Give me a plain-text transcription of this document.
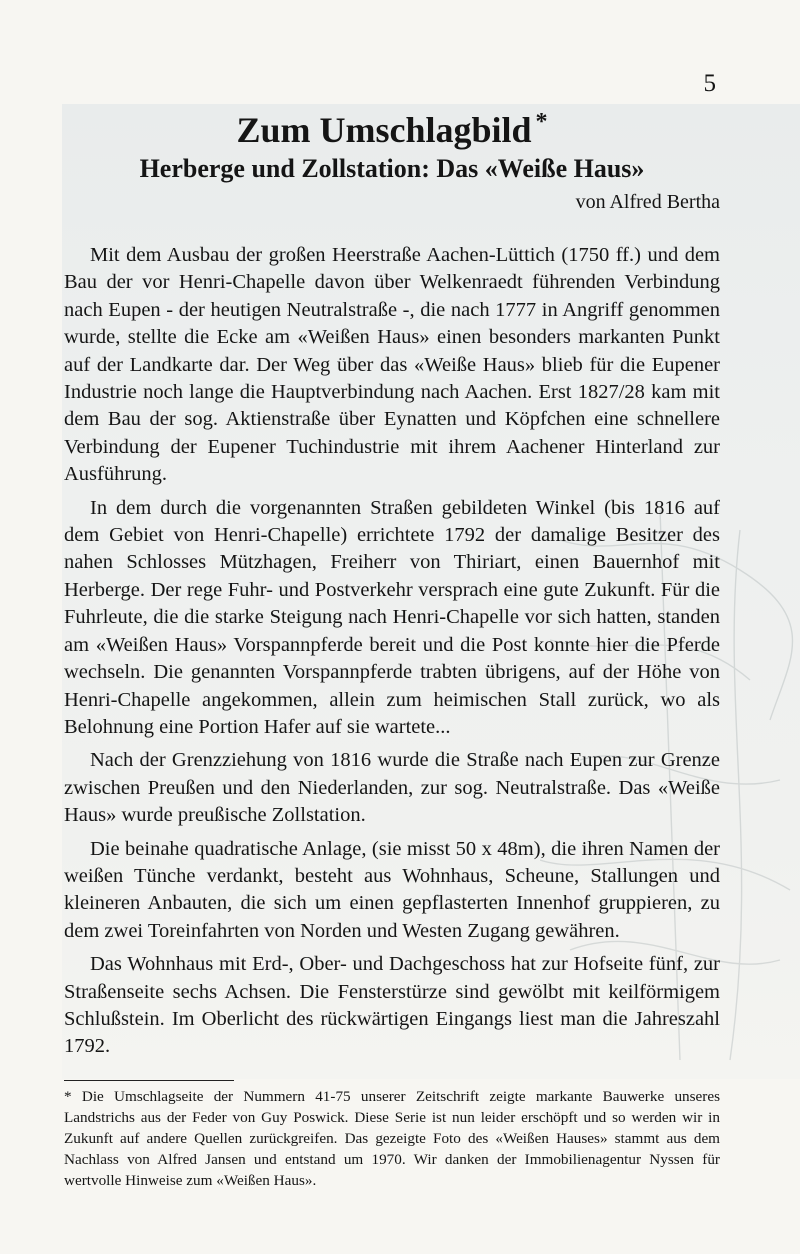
5
Zum Umschlagbild *
Herberge und Zollstation: Das «Weiße Haus»
von Alfred Bertha

Mit dem Ausbau der großen Heerstraße Aachen-Lüttich (1750 ff.) und dem Bau der vor Henri-Chapelle davon über Welkenraedt führenden Verbindung nach Eupen - der heutigen Neutralstraße -, die nach 1777 in Angriff genommen wurde, stellte die Ecke am «Weißen Haus» einen besonders markanten Punkt auf der Landkarte dar. Der Weg über das «Weiße Haus» blieb für die Eupener Industrie noch lange die Hauptverbindung nach Aachen. Erst 1827/28 kam mit dem Bau der sog. Aktienstraße über Eynatten und Köpfchen eine schnellere Verbindung der Eupener Tuchindustrie mit ihrem Aachener Hinterland zur Ausführung.

In dem durch die vorgenannten Straßen gebildeten Winkel (bis 1816 auf dem Gebiet von Henri-Chapelle) errichtete 1792 der damalige Besitzer des nahen Schlosses Mützhagen, Freiherr von Thiriart, einen Bauernhof mit Herberge. Der rege Fuhr- und Postverkehr versprach eine gute Zukunft. Für die Fuhrleute, die die starke Steigung nach Henri-Chapelle vor sich hatten, standen am «Weißen Haus» Vorspannpferde bereit und die Post konnte hier die Pferde wechseln. Die genannten Vorspannpferde trabten übrigens, auf der Höhe von Henri-Chapelle angekommen, allein zum heimischen Stall zurück, wo als Belohnung eine Portion Hafer auf sie wartete...

Nach der Grenzziehung von 1816 wurde die Straße nach Eupen zur Grenze zwischen Preußen und den Niederlanden, zur sog. Neutralstraße. Das «Weiße Haus» wurde preußische Zollstation.

Die beinahe quadratische Anlage, (sie misst 50 x 48m), die ihren Namen der weißen Tünche verdankt, besteht aus Wohnhaus, Scheune, Stallungen und kleineren Anbauten, die sich um einen gepflasterten Innenhof gruppieren, zu dem zwei Toreinfahrten von Norden und Westen Zugang gewähren.

Das Wohnhaus mit Erd-, Ober- und Dachgeschoss hat zur Hofseite fünf, zur Straßenseite sechs Achsen. Die Fensterstürze sind gewölbt mit keilförmigem Schlußstein. Im Oberlicht des rückwärtigen Eingangs liest man die Jahreszahl 1792.

* Die Umschlagseite der Nummern 41-75 unserer Zeitschrift zeigte markante Bauwerke unseres Landstrichs aus der Feder von Guy Poswick. Diese Serie ist nun leider erschöpft und so werden wir in Zukunft auf andere Quellen zurückgreifen. Das gezeigte Foto des «Weißen Hauses» stammt aus dem Nachlass von Alfred Jansen und entstand um 1970. Wir danken der Immobilienagentur Nyssen für wertvolle Hinweise zum «Weißen Haus».
